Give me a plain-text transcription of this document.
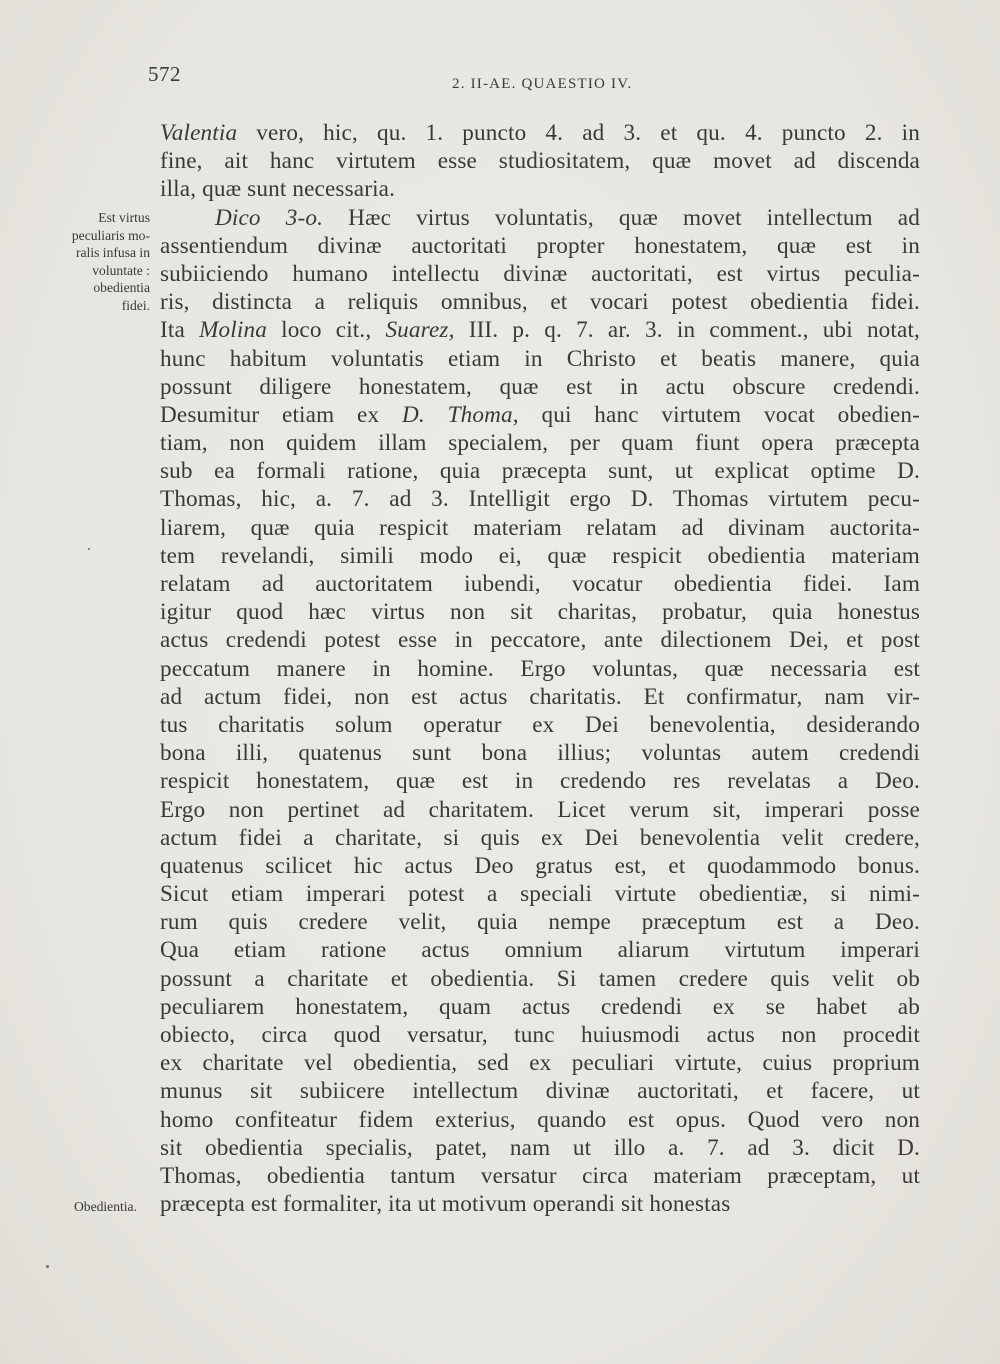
572	2. II-AE. QUAESTIO IV.
Est virtus
peculiaris mo-
ralis infusa in
voluntate :
obedientia
fidei.
Obedientia.
Valentia vero, hic, qu. 1. puncto 4. ad 3. et qu. 4. puncto 2. in
fine, ait hanc virtutem esse studiositatem, quæ movet ad discenda
illa, quæ sunt necessaria.
Dico 3-o. Hæc virtus voluntatis, quæ movet intellectum ad
assentiendum divinæ auctoritati propter honestatem, quæ est in
subiiciendo humano intellectu divinæ auctoritati, est virtus peculia-
ris, distincta a reliquis omnibus, et vocari potest obedientia fidei.
Ita Molina loco cit., Suarez, III. p. q. 7. ar. 3. in comment., ubi notat,
hunc habitum voluntatis etiam in Christo et beatis manere, quia
possunt diligere honestatem, quæ est in actu obscure credendi.
Desumitur etiam ex D. Thoma, qui hanc virtutem vocat obedien-
tiam, non quidem illam specialem, per quam fiunt opera præcepta
sub ea formali ratione, quia præcepta sunt, ut explicat optime D.
Thomas, hic, a. 7. ad 3. Intelligit ergo D. Thomas virtutem pecu-
liarem, quæ quia respicit materiam relatam ad divinam auctorita-
tem revelandi, simili modo ei, quæ respicit obedientia materiam
relatam ad auctoritatem iubendi, vocatur obedientia fidei. Iam
igitur quod hæc virtus non sit charitas, probatur, quia honestus
actus credendi potest esse in peccatore, ante dilectionem Dei, et post
peccatum manere in homine. Ergo voluntas, quæ necessaria est
ad actum fidei, non est actus charitatis. Et confirmatur, nam vir-
tus charitatis solum operatur ex Dei benevolentia, desiderando
bona illi, quatenus sunt bona illius; voluntas autem credendi
respicit honestatem, quæ est in credendo res revelatas a Deo.
Ergo non pertinet ad charitatem. Licet verum sit, imperari posse
actum fidei a charitate, si quis ex Dei benevolentia velit credere,
quatenus scilicet hic actus Deo gratus est, et quodammodo bonus.
Sicut etiam imperari potest a speciali virtute obedientiæ, si nimi-
rum quis credere velit, quia nempe præceptum est a Deo.
Qua etiam ratione actus omnium aliarum virtutum imperari
possunt a charitate et obedientia. Si tamen credere quis velit ob
peculiarem honestatem, quam actus credendi ex se habet ab
obiecto, circa quod versatur, tunc huiusmodi actus non procedit
ex charitate vel obedientia, sed ex peculiari virtute, cuius proprium
munus sit subiicere intellectum divinæ auctoritati, et facere, ut
homo confiteatur fidem exterius, quando est opus. Quod vero non
sit obedientia specialis, patet, nam ut illo a. 7. ad 3. dicit D.
Thomas, obedientia tantum versatur circa materiam præceptam, ut
præcepta est formaliter, ita ut motivum operandi sit honestas
